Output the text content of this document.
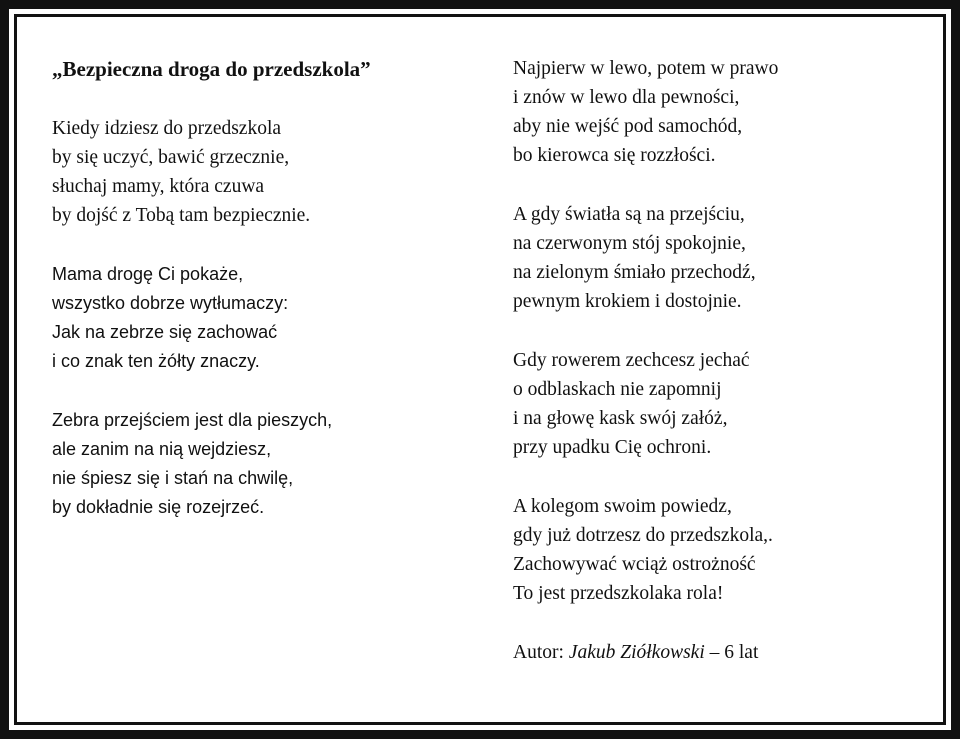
„Bezpieczna droga do przedszkola”
Kiedy idziesz do przedszkola
by się uczyć, bawić grzecznie,
słuchaj mamy, która czuwa
by dojść z Tobą tam bezpiecznie.
Mama drogę Ci pokaże,
wszystko dobrze wytłumaczy:
Jak na zebrze się zachować
i co znak ten żółty znaczy.
Zebra przejściem jest dla pieszych,
ale zanim na nią wejdziesz,
nie śpiesz się i stań na chwilę,
by dokładnie się rozejrzeć.
Najpierw w lewo, potem w prawo
i znów w lewo dla pewności,
aby nie wejść pod samochód,
bo kierowca się rozzłości.
A gdy światła są na przejściu,
na czerwonym stój spokojnie,
na zielonym śmiało przechodź,
pewnym krokiem i dostojnie.
Gdy rowerem zechcesz jechać
o odblaskach nie zapomnij
i na głowę kask swój załóż,
przy upadku Cię ochroni.
A kolegom swoim powiedz,
gdy już dotrzesz do przedszkola,.
Zachowywać wciąż ostrożność
To jest przedszkolaka rola!
Autor: Jakub Ziółkowski – 6 lat
